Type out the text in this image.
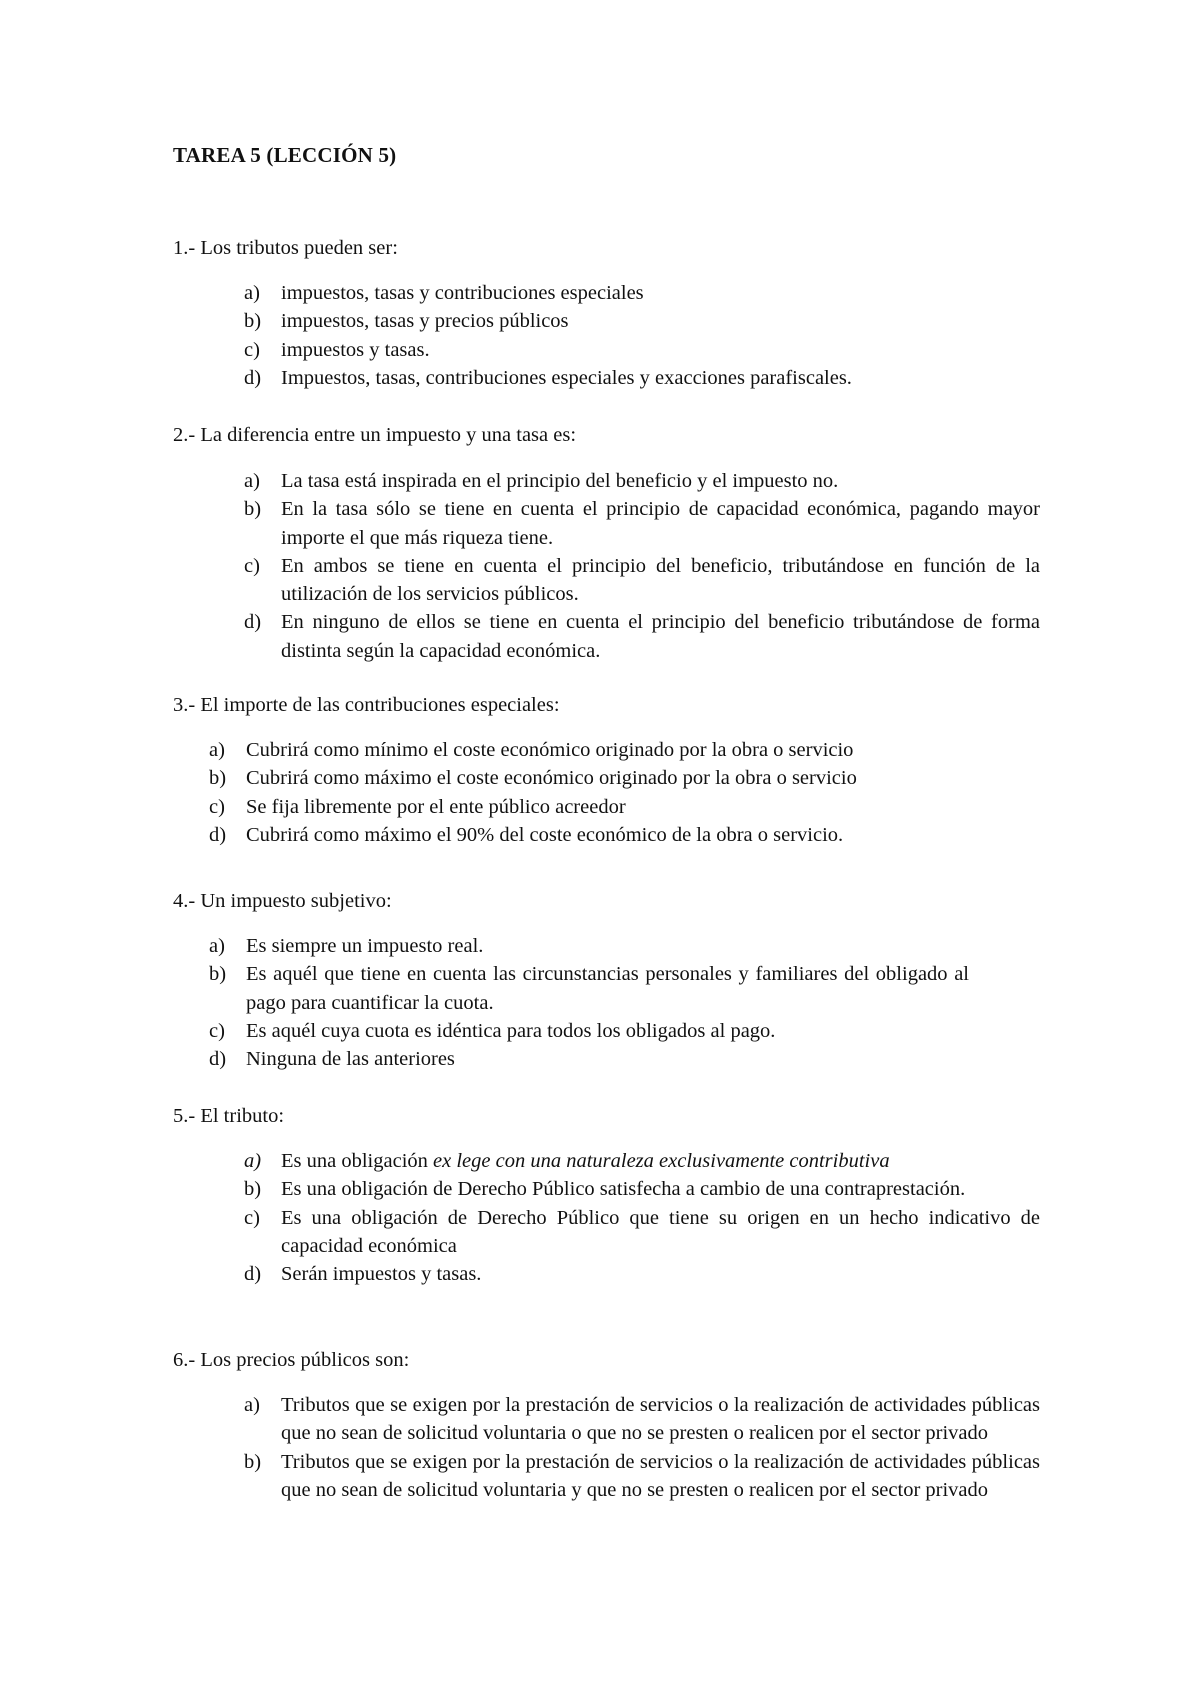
TAREA 5 (LECCIÓN 5)
1.- Los tributos pueden ser:
a) impuestos, tasas y contribuciones especiales
b) impuestos, tasas y precios públicos
c) impuestos y tasas.
d) Impuestos, tasas, contribuciones especiales y exacciones parafiscales.
2.- La diferencia entre un impuesto y una tasa es:
a) La tasa está inspirada en el principio del beneficio y el impuesto no.
b) En la tasa sólo se tiene en cuenta el principio de capacidad económica, pagando mayor importe el que más riqueza tiene.
c) En ambos se tiene en cuenta el principio del beneficio, tributándose en función de la utilización de los servicios públicos.
d) En ninguno de ellos se tiene en cuenta el principio del beneficio tributándose de forma distinta según la capacidad económica.
3.- El importe de las contribuciones especiales:
a) Cubrirá como mínimo el coste económico originado por la obra o servicio
b) Cubrirá como máximo el coste económico originado por la obra o servicio
c) Se fija libremente por el ente público acreedor
d) Cubrirá como máximo el 90% del coste económico de la obra o servicio.
4.- Un impuesto subjetivo:
a) Es siempre un impuesto real.
b) Es aquél que tiene en cuenta las circunstancias personales y familiares del obligado al pago para cuantificar la cuota.
c) Es aquél cuya cuota es idéntica para todos los obligados al pago.
d) Ninguna de las anteriores
5.- El tributo:
a) Es una obligación ex lege con una naturaleza exclusivamente contributiva
b) Es una obligación de Derecho Público satisfecha a cambio de una contraprestación.
c) Es una obligación de Derecho Público que tiene su origen en un hecho indicativo de capacidad económica
d) Serán impuestos y tasas.
6.- Los precios públicos son:
a) Tributos que se exigen por la prestación de servicios o la realización de actividades públicas que no sean de solicitud voluntaria o que no se presten o realicen por el sector privado
b) Tributos que se exigen por la prestación de servicios o la realización de actividades públicas que no sean de solicitud voluntaria y que no se presten o realicen por el sector privado
